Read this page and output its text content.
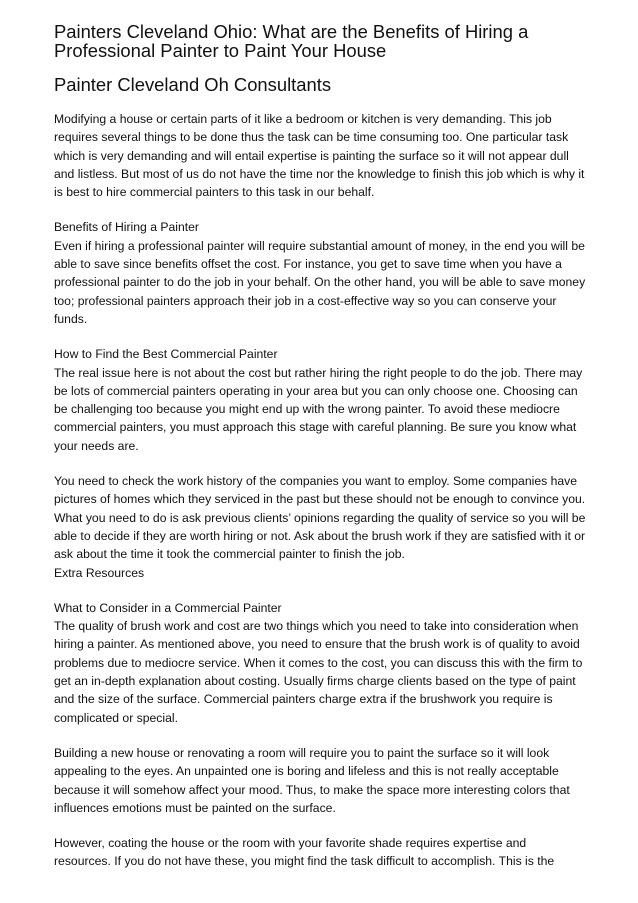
Painters Cleveland Ohio: What are the Benefits of Hiring a Professional Painter to Paint Your House
Painter Cleveland Oh Consultants

Modifying a house or certain parts of it like a bedroom or kitchen is very demanding. This job requires several things to be done thus the task can be time consuming too. One particular task which is very demanding and will entail expertise is painting the surface so it will not appear dull and listless. But most of us do not have the time nor the knowledge to finish this job which is why it is best to hire commercial painters to this task in our behalf.

Benefits of Hiring a Painter
Even if hiring a professional painter will require substantial amount of money, in the end you will be able to save since benefits offset the cost. For instance, you get to save time when you have a professional painter to do the job in your behalf. On the other hand, you will be able to save money too; professional painters approach their job in a cost-effective way so you can conserve your funds.

How to Find the Best Commercial Painter
The real issue here is not about the cost but rather hiring the right people to do the job. There may be lots of commercial painters operating in your area but you can only choose one. Choosing can be challenging too because you might end up with the wrong painter. To avoid these mediocre commercial painters, you must approach this stage with careful planning. Be sure you know what your needs are.

You need to check the work history of the companies you want to employ. Some companies have pictures of homes which they serviced in the past but these should not be enough to convince you. What you need to do is ask previous clients’ opinions regarding the quality of service so you will be able to decide if they are worth hiring or not. Ask about the brush work if they are satisfied with it or ask about the time it took the commercial painter to finish the job.
Extra Resources

What to Consider in a Commercial Painter
The quality of brush work and cost are two things which you need to take into consideration when hiring a painter. As mentioned above, you need to ensure that the brush work is of quality to avoid problems due to mediocre service. When it comes to the cost, you can discuss this with the firm to get an in-depth explanation about costing. Usually firms charge clients based on the type of paint and the size of the surface. Commercial painters charge extra if the brushwork you require is complicated or special.

Building a new house or renovating a room will require you to paint the surface so it will look appealing to the eyes. An unpainted one is boring and lifeless and this is not really acceptable because it will somehow affect your mood. Thus, to make the space more interesting colors that influences emotions must be painted on the surface.

However, coating the house or the room with your favorite shade requires expertise and resources. If you do not have these, you might find the task difficult to accomplish. This is the
